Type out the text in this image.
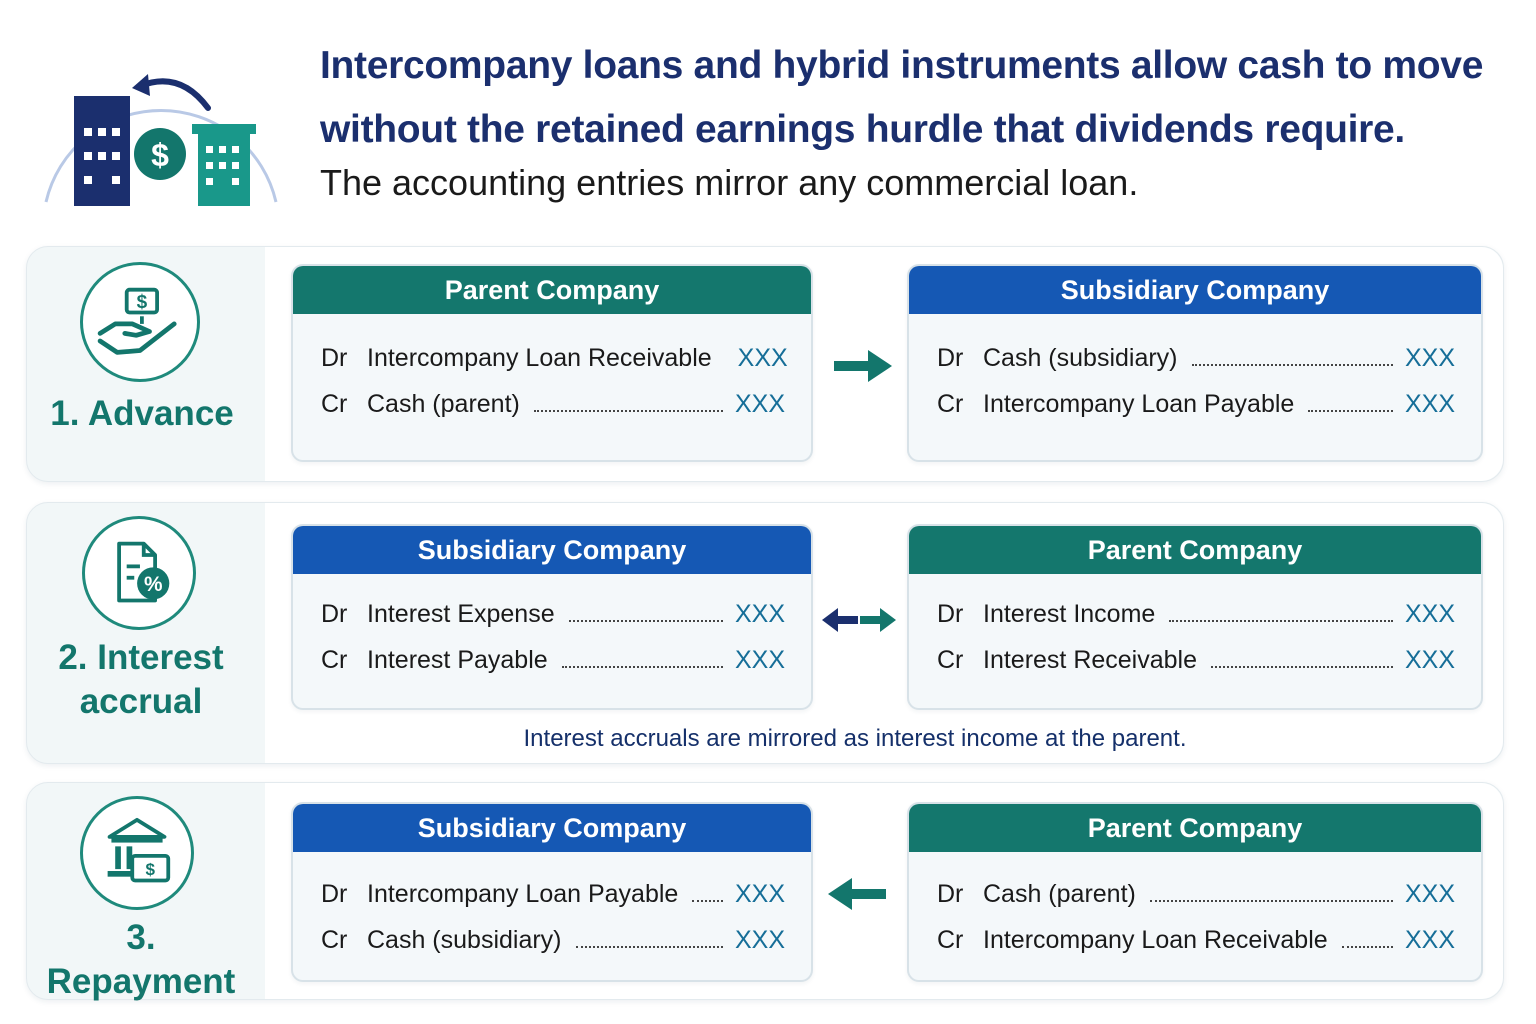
$
Intercompany loans and hybrid instruments allow cash to move
without the retained earnings hurdle that dividends require.
The accounting entries mirror any commercial loan.
$
1. Advance
Parent Company
Dr Intercompany Loan Receivable XXX
Cr Cash (parent)	XXX
Subsidiary Company
Dr Cash (subsidiary)	XXX
Cr Intercompany Loan Payable	XXX
%
2. Interest
accrual
Subsidiary Company
Dr Interest Expense	XXX
Cr Interest Payable	XXX
Parent Company
Dr Interest Income	XXX
Cr Interest Receivable	XXX
Interest accruals are mirrored as interest income at the parent.
$
3. Repayment
Subsidiary Company
Dr Intercompany Loan Payable XXX
Cr Cash (subsidiary)	XXX
Parent Company
Dr Cash (parent)	XXX
Cr Intercompany Loan Receivable	XXX
